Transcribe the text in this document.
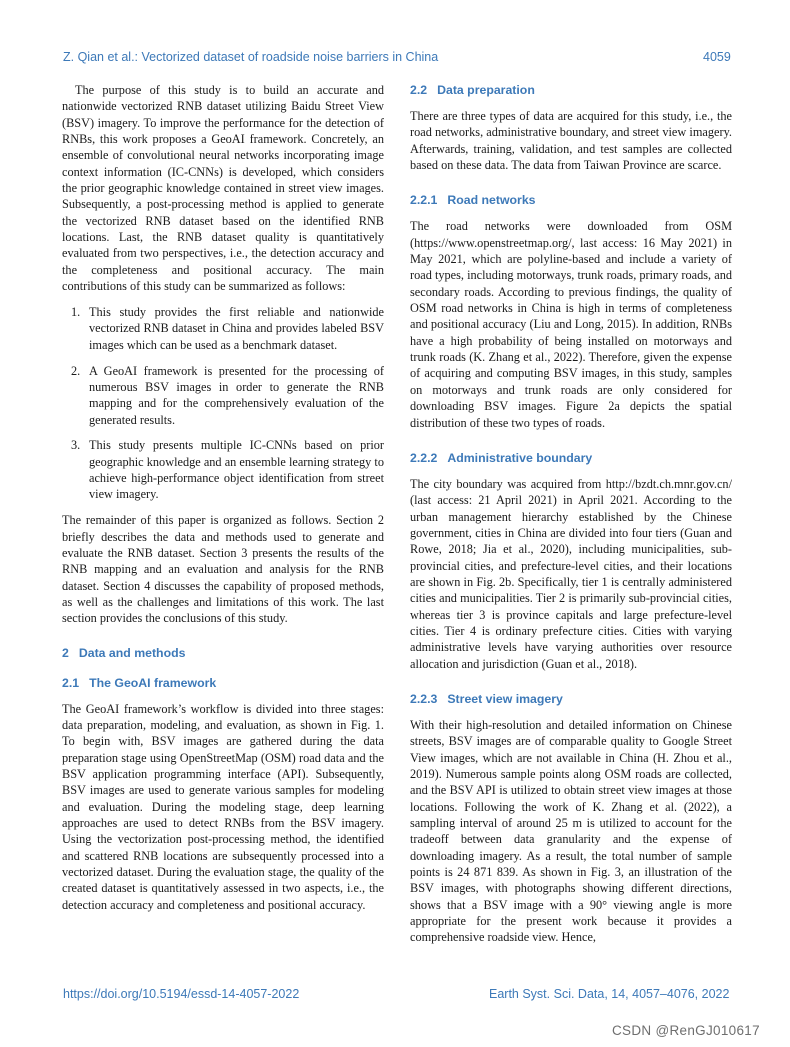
Z. Qian et al.: Vectorized dataset of roadside noise barriers in China	4059

The purpose of this study is to build an accurate and nationwide vectorized RNB dataset utilizing Baidu Street View (BSV) imagery. To improve the performance for the detection of RNBs, this work proposes a GeoAI framework. Concretely, an ensemble of convolutional neural networks incorporating image context information (IC-CNNs) is developed, which considers the prior geographic knowledge contained in street view images. Subsequently, a post-processing method is applied to generate the vectorized RNB dataset based on the identified RNB locations. Last, the RNB dataset quality is quantitatively evaluated from two perspectives, i.e., the detection accuracy and the completeness and positional accuracy. The main contributions of this study can be summarized as follows:

1. This study provides the first reliable and nationwide vectorized RNB dataset in China and provides labeled BSV images which can be used as a benchmark dataset.
2. A GeoAI framework is presented for the processing of numerous BSV images in order to generate the RNB mapping and for the comprehensively evaluation of the generated results.
3. This study presents multiple IC-CNNs based on prior geographic knowledge and an ensemble learning strategy to achieve high-performance object identification from street view imagery.

The remainder of this paper is organized as follows. Section 2 briefly describes the data and methods used to generate and evaluate the RNB dataset. Section 3 presents the results of the RNB mapping and an evaluation and analysis for the RNB dataset. Section 4 discusses the capability of proposed methods, as well as the challenges and limitations of this work. The last section provides the conclusions of this study.

2 Data and methods
2.1 The GeoAI framework

The GeoAI framework’s workflow is divided into three stages: data preparation, modeling, and evaluation, as shown in Fig. 1. To begin with, BSV images are gathered during the data preparation stage using OpenStreetMap (OSM) road data and the BSV application programming interface (API). Subsequently, BSV images are used to generate various samples for modeling and evaluation. During the modeling stage, deep learning approaches are used to detect RNBs from the BSV imagery. Using the vectorization post-processing method, the identified and scattered RNB locations are subsequently processed into a vectorized dataset. During the evaluation stage, the quality of the created dataset is quantitatively assessed in two aspects, i.e., the detection accuracy and completeness and positional accuracy.

2.2 Data preparation

There are three types of data are acquired for this study, i.e., the road networks, administrative boundary, and street view imagery. Afterwards, training, validation, and test samples are collected based on these data. The data from Taiwan Province are scarce.

2.2.1 Road networks

The road networks were downloaded from OSM (https://www.openstreetmap.org/, last access: 16 May 2021) in May 2021, which are polyline-based and include a variety of road types, including motorways, trunk roads, primary roads, and secondary roads. According to previous findings, the quality of OSM road networks in China is high in terms of completeness and positional accuracy (Liu and Long, 2015). In addition, RNBs have a high probability of being installed on motorways and trunk roads (K. Zhang et al., 2022). Therefore, given the expense of acquiring and computing BSV images, in this study, samples on motorways and trunk roads are only considered for downloading BSV images. Figure 2a depicts the spatial distribution of these two types of roads.

2.2.2 Administrative boundary

The city boundary was acquired from http://bzdt.ch.mnr.gov.cn/ (last access: 21 April 2021) in April 2021. According to the urban management hierarchy established by the Chinese government, cities in China are divided into four tiers (Guan and Rowe, 2018; Jia et al., 2020), including municipalities, sub-provincial cities, and prefecture-level cities, and their locations are shown in Fig. 2b. Specifically, tier 1 is centrally administered cities and municipalities. Tier 2 is primarily sub-provincial cities, whereas tier 3 is province capitals and large prefecture-level cities. Tier 4 is ordinary prefecture cities. Cities with varying administrative levels have varying authorities over resource allocation and jurisdiction (Guan et al., 2018).

2.2.3 Street view imagery

With their high-resolution and detailed information on Chinese streets, BSV images are of comparable quality to Google Street View images, which are not available in China (H. Zhou et al., 2019). Numerous sample points along OSM roads are collected, and the BSV API is utilized to obtain street view images at those locations. Following the work of K. Zhang et al. (2022), a sampling interval of around 25 m is utilized to account for the tradeoff between data granularity and the expense of downloading imagery. As a result, the total number of sample points is 24 871 839. As shown in Fig. 3, an illustration of the BSV images, with photographs showing different directions, shows that a BSV image with a 90° viewing angle is more appropriate for the present work because it provides a comprehensive roadside view. Hence,

https://doi.org/10.5194/essd-14-4057-2022	Earth Syst. Sci. Data, 14, 4057–4076, 2022
CSDN @RenGJ010617
